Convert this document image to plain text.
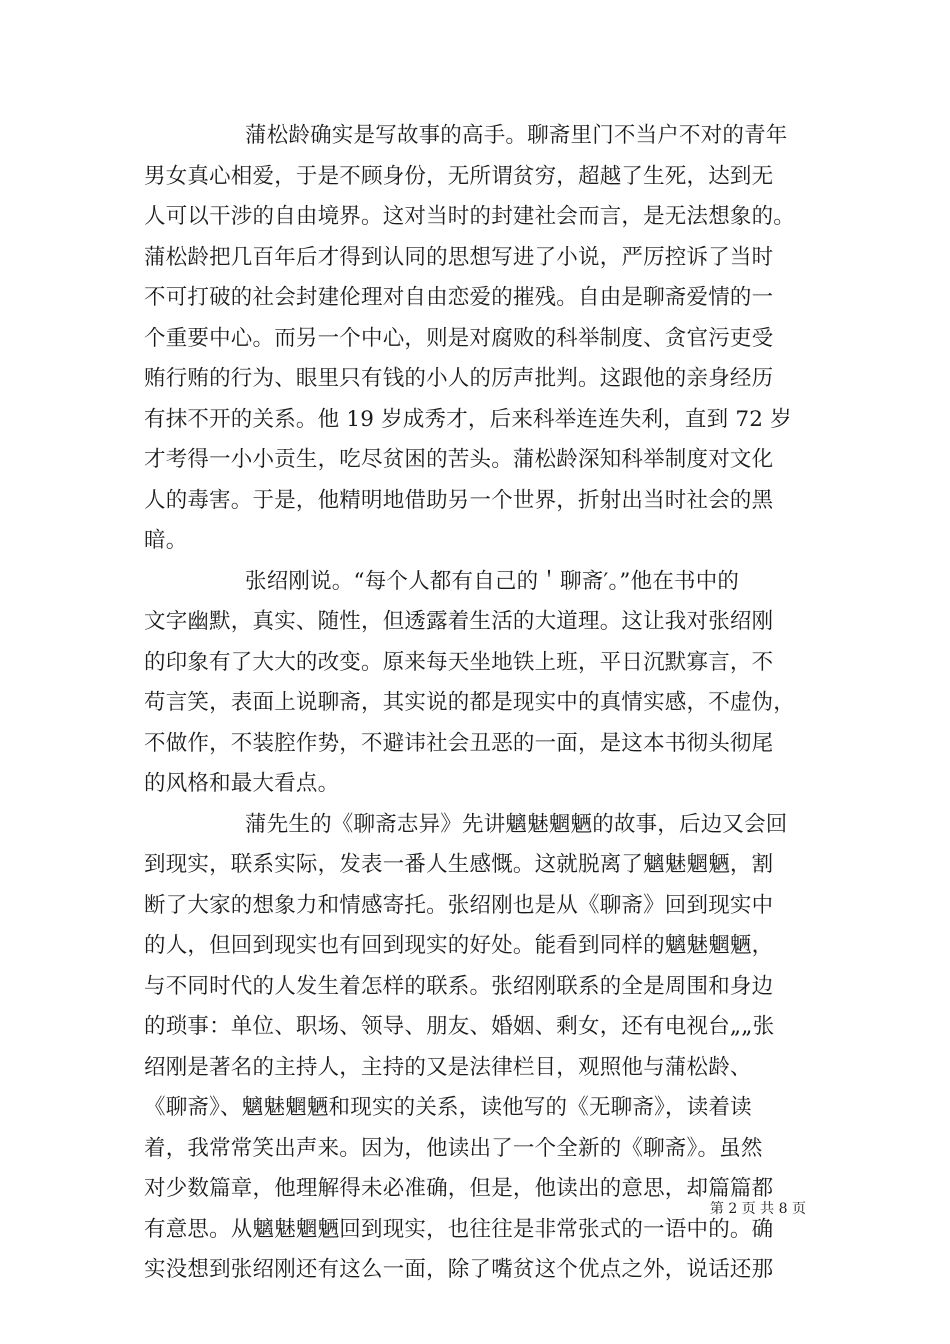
蒲松龄确实是写故事的高手。聊斋里门不当户不对的青年
男女真心相爱，于是不顾身份，无所谓贫穷，超越了生死，达到无
人可以干涉的自由境界。这对当时的封建社会而言，是无法想象的。
蒲松龄把几百年后才得到认同的思想写进了小说，严厉控诉了当时
不可打破的社会封建伦理对自由恋爱的摧残。自由是聊斋爱情的一
个重要中心。而另一个中心，则是对腐败的科举制度、贪官污吏受
贿行贿的行为、眼里只有钱的小人的厉声批判。这跟他的亲身经历
有抹不开的关系。他 19 岁成秀才，后来科举连连失利，直到 72 岁
才考得一小小贡生，吃尽贫困的苦头。蒲松龄深知科举制度对文化
人的毒害。于是，他精明地借助另一个世界，折射出当时社会的黑
暗。
张绍刚说。“每个人都有自己的＇聊斋′。”他在书中的
文字幽默，真实、随性，但透露着生活的大道理。这让我对张绍刚
的印象有了大大的改变。原来每天坐地铁上班，平日沉默寡言，不
苟言笑，表面上说聊斋，其实说的都是现实中的真情实感，不虚伪，
不做作，不装腔作势，不避讳社会丑恶的一面，是这本书彻头彻尾
的风格和最大看点。
蒲先生的《聊斋志异》先讲魑魅魍魉的故事，后边又会回
到现实，联系实际，发表一番人生感慨。这就脱离了魑魅魍魉，割
断了大家的想象力和情感寄托。张绍刚也是从《聊斋》回到现实中
的人，但回到现实也有回到现实的好处。能看到同样的魑魅魍魉，
与不同时代的人发生着怎样的联系。张绍刚联系的全是周围和身边
的琐事：单位、职场、领导、朋友、婚姻、剩女，还有电视台„„张
绍刚是著名的主持人，主持的又是法律栏目，观照他与蒲松龄、
《聊斋》、魑魅魍魉和现实的关系，读他写的《无聊斋》，读着读
着，我常常笑出声来。因为，他读出了一个全新的《聊斋》。虽然
对少数篇章，他理解得未必准确，但是，他读出的意思，却篇篇都
有意思。从魑魅魍魉回到现实，也往往是非常张式的一语中的。确
实没想到张绍刚还有这么一面，除了嘴贫这个优点之外，说话还那
第 2 页 共 8 页
